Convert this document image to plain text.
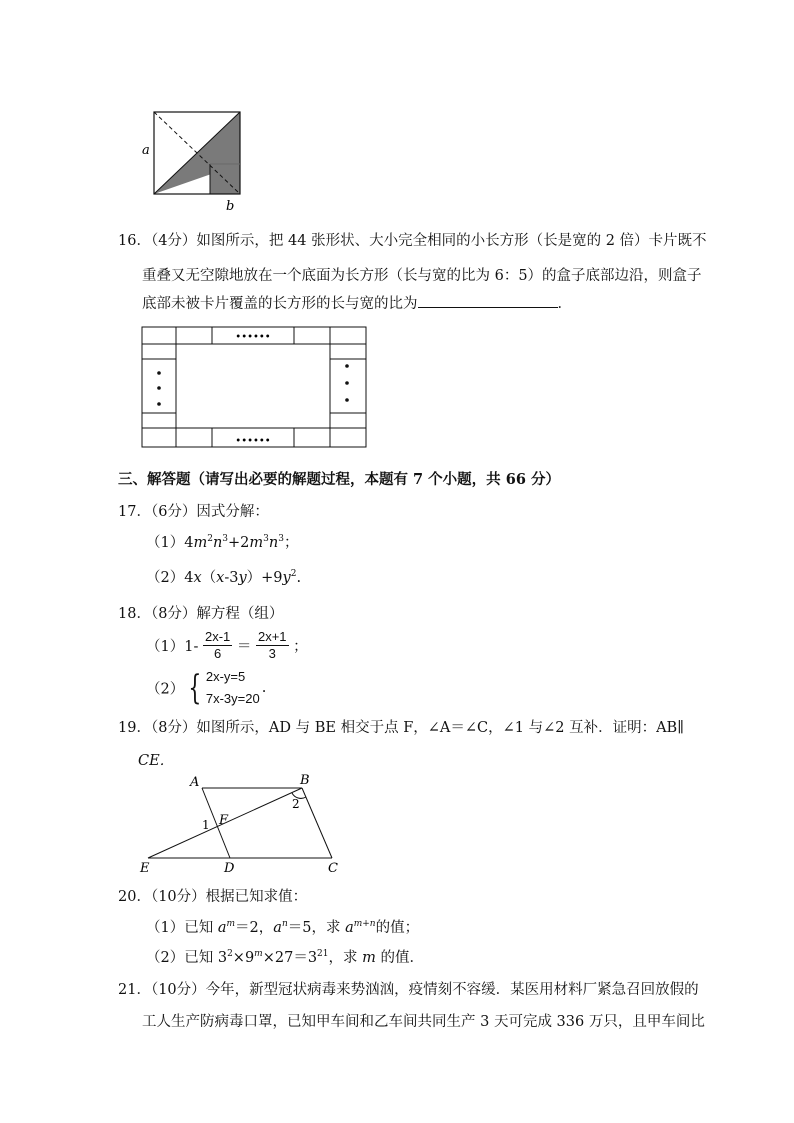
a
b
16．（4分）如图所示，把 44 张形状、大小完全相同的小长方形（长是宽的 2 倍）卡片既不
重叠又无空隙地放在一个底面为长方形（长与宽的比为 6：5）的盒子底部边沿，则盒子
底部未被卡片覆盖的长方形的长与宽的比为	．
••••••
••••••
三、解答题（请写出必要的解题过程，本题有 7 个小题，共 66 分）
17．（6分）因式分解：
$(1)4m^2n^3+2m^3n^3$；
$(2)4x(x-3y)+9y^2$.
18．（8分）解方程（组）
$(1)1- \frac{2x-1}{6} = \frac{2x+1}{3}$ ；
（2） { 2x-y=5
7x-3y=20
.
19．（8分）如图所示，AD 与 BE 相交于点 F，∠A＝∠C，∠1 与∠2 互补．证明：AB∥
CE．
A	B
C
D
E
F
1
2
20．（10分）根据已知求值：
（1）已知 $a^m=2$，$a^n=5$，求 $a^{m+n}$的值；
（2）已知 $3^2\times 9^m\times 27=3^{21}$，求 m 的值．
21．（10分）今年，新型冠状病毒来势汹汹，疫情刻不容缓．某医用材料厂紧急召回放假的
工人生产防病毒口罩，已知甲车间和乙车间共同生产 3 天可完成 336 万只，且甲车间比
